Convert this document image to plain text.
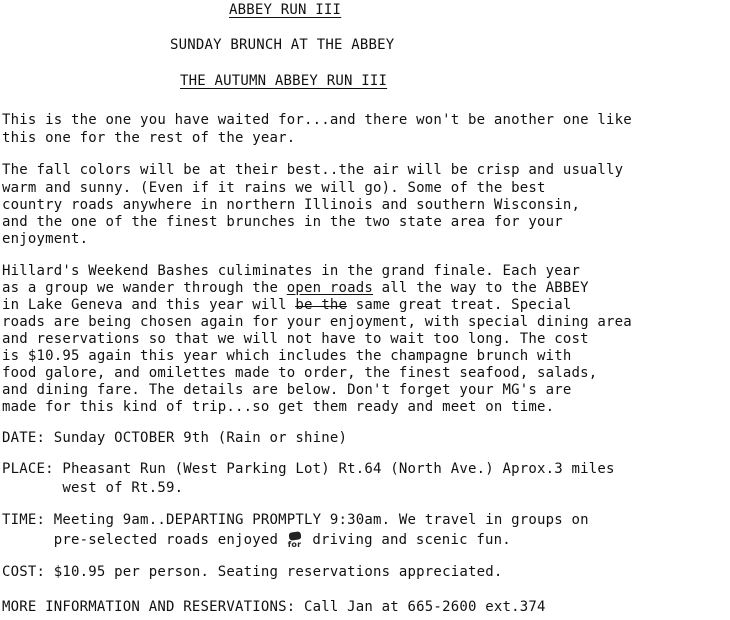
ABBEY RUN III
SUNDAY BRUNCH AT THE ABBEY
THE AUTUMN ABBEY RUN III
This is the one you have waited for...and there won't be another one like
this one for the rest of the year.
The fall colors will be at their best..the air will be crisp and usually
warm and sunny. (Even if it rains we will go). Some of the best
country roads anywhere in northern Illinois and southern Wisconsin,
and the one of the finest brunches in the two state area for your
enjoyment.
Hillard's Weekend Bashes culiminates in the grand finale. Each year
as a group we wander through the open roads all the way to the ABBEY
in Lake Geneva and this year will be the same great treat. Special
roads are being chosen again for your enjoyment, with special dining area
and reservations so that we will not have to wait too long. The cost
is $10.95 again this year which includes the champagne brunch with
food galore, and omilettes made to order, the finest seafood, salads,
and dining fare. The details are below. Don't forget your MG's are
made for this kind of trip...so get them ready and meet on time.
DATE: Sunday OCTOBER 9th (Rain or shine)
PLACE: Pheasant Run (West Parking Lot) Rt.64 (North Ave.) Aprox.3 miles
west of Rt.59.
TIME: Meeting 9am..DEPARTING PROMPTLY 9:30am. We travel in groups on
pre-selected roads enjoyed for driving and scenic fun.
COST: $10.95 per person. Seating reservations appreciated.
MORE INFORMATION AND RESERVATIONS: Call Jan at 665-2600 ext.374
